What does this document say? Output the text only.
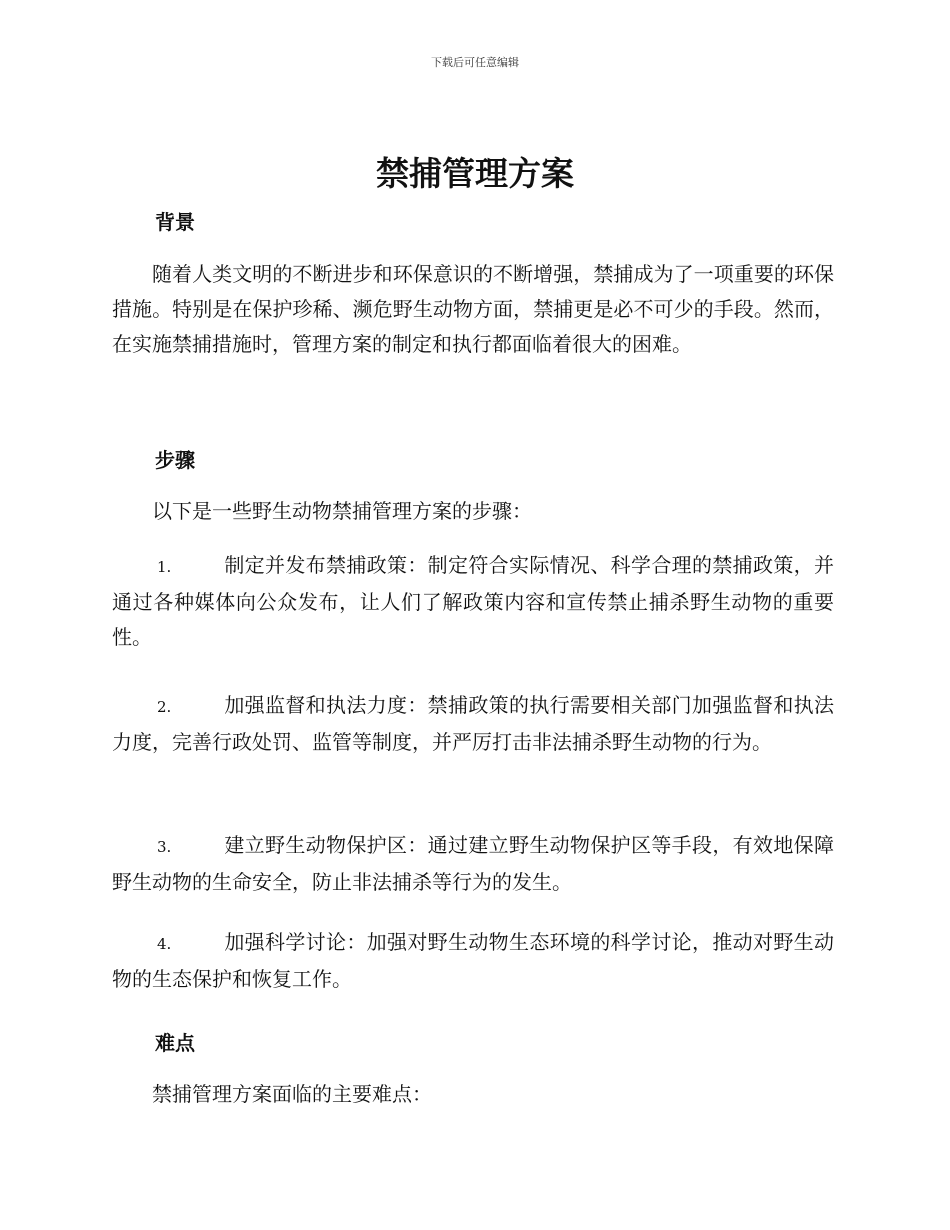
下载后可任意编辑
禁捕管理方案
背景

随着人类文明的不断进步和环保意识的不断增强，禁捕成为了一项重要的环保措施。特别是在保护珍稀、濒危野生动物方面，禁捕更是必不可少的手段。然而，在实施禁捕措施时，管理方案的制定和执行都面临着很大的困难。

步骤

以下是一些野生动物禁捕管理方案的步骤：

1.	制定并发布禁捕政策：制定符合实际情况、科学合理的禁捕政策，并通过各种媒体向公众发布，让人们了解政策内容和宣传禁止捕杀野生动物的重要性。

2.	加强监督和执法力度：禁捕政策的执行需要相关部门加强监督和执法力度，完善行政处罚、监管等制度，并严厉打击非法捕杀野生动物的行为。

3.	建立野生动物保护区：通过建立野生动物保护区等手段，有效地保障野生动物的生命安全，防止非法捕杀等行为的发生。

4.	加强科学讨论：加强对野生动物生态环境的科学讨论，推动对野生动物的生态保护和恢复工作。

难点

禁捕管理方案面临的主要难点：
